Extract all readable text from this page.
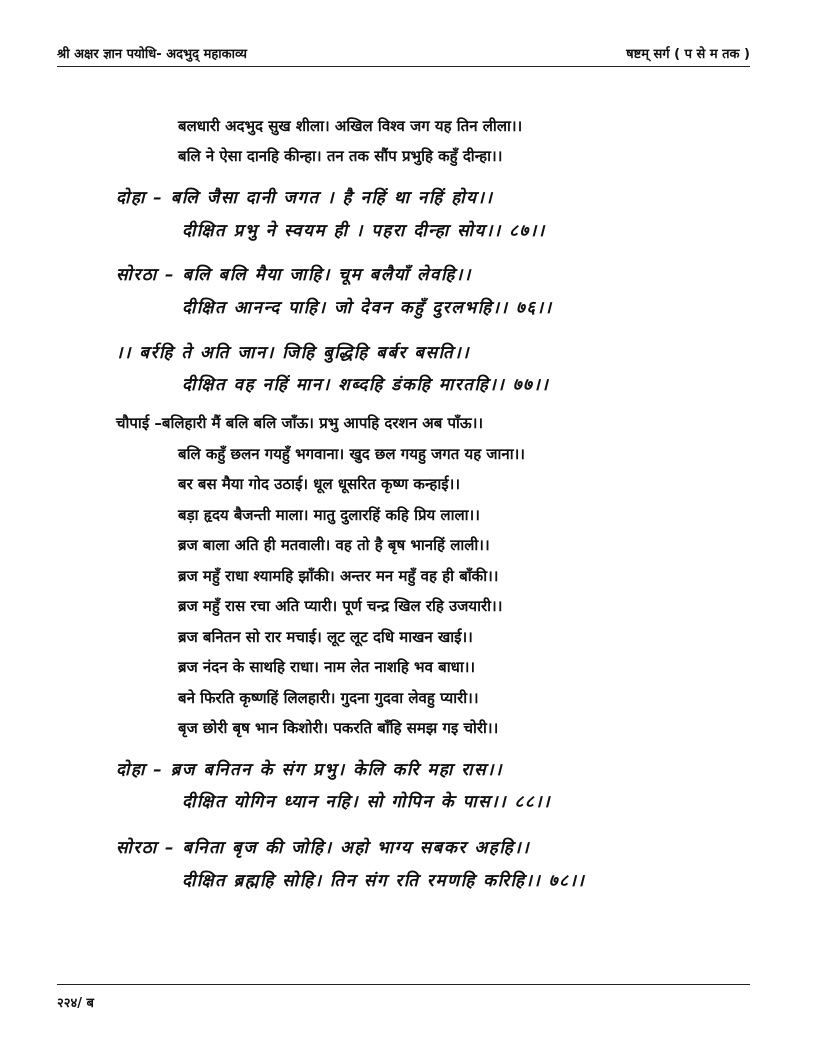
श्री अक्षर ज्ञान पयोधि- अदभुद् महाकाव्य	षष्टम् सर्ग ( प से म तक )
बलधारी अदभुद सुख शीला। अखिल विश्व जग यह तिन लीला।।
बलि ने ऐसा दानहि कीन्हा। तन तक सौंप प्रभुहि कहुँ दीन्हा।।
दोहा – बलि जैसा दानी जगत । है नहिं था नहिं होय।।
दीक्षित प्रभु ने स्वयम ही । पहरा दीन्हा सोय।। ८७।।
सोरठा – बलि बलि मैया जाहि। चूम बलैयाँ लेवहि।।
दीक्षित आनन्द पाहि। जो देवन कहुँ दुरलभहि।। ७६।।
।। बर्रहि ते अति जान। जिहि बुद्धिहि बर्बर बसति।।
दीक्षित वह नहिं मान। शब्दहि डंकहि मारतहि।। ७७।।
चौपाई –बलिहारी मैं बलि बलि जाँऊ। प्रभु आपहि दरशन अब पाँऊ।।
बलि कहुँ छलन गयहुँ भगवाना। खुद छल गयहु जगत यह जाना।।
बर बस मैया गोद उठाई। धूल धूसरित कृष्ण कन्हाई।।
बड़ा हृदय बैजन्ती माला। मातु दुलारहिं कहि प्रिय लाला।।
ब्रज बाला अति ही मतवाली। वह तो है बृष भानहिं लाली।।
ब्रज महुँ राधा श्यामहि झाँकी। अन्तर मन महुँ वह ही बाँकी।।
ब्रज महुँ रास रचा अति प्यारी। पूर्ण चन्द्र खिल रहि उजयारी।।
ब्रज बनितन सो रार मचाई। लूट लूट दधि माखन खाई।।
ब्रज नंदन के साथहि राधा। नाम लेत नाशहि भव बाधा।।
बने फिरति कृष्णहिं लिलहारी। गुदना गुदवा लेवहु प्यारी।।
बृज छोरी बृष भान किशोरी। पकरति बाँहि समझ गइ चोरी।।
दोहा – ब्रज बनितन के संग प्रभु। केलि करि महा रास।।
दीक्षित योगिन ध्यान नहि। सो गोपिन के पास।। ८८।।
सोरठा – बनिता बृज की जोहि। अहो भाग्य सबकर अहहि।।
दीक्षित ब्रह्महि सोहि। तिन संग रति रमणहि करिहि।। ७८।।
२२४/ ब
